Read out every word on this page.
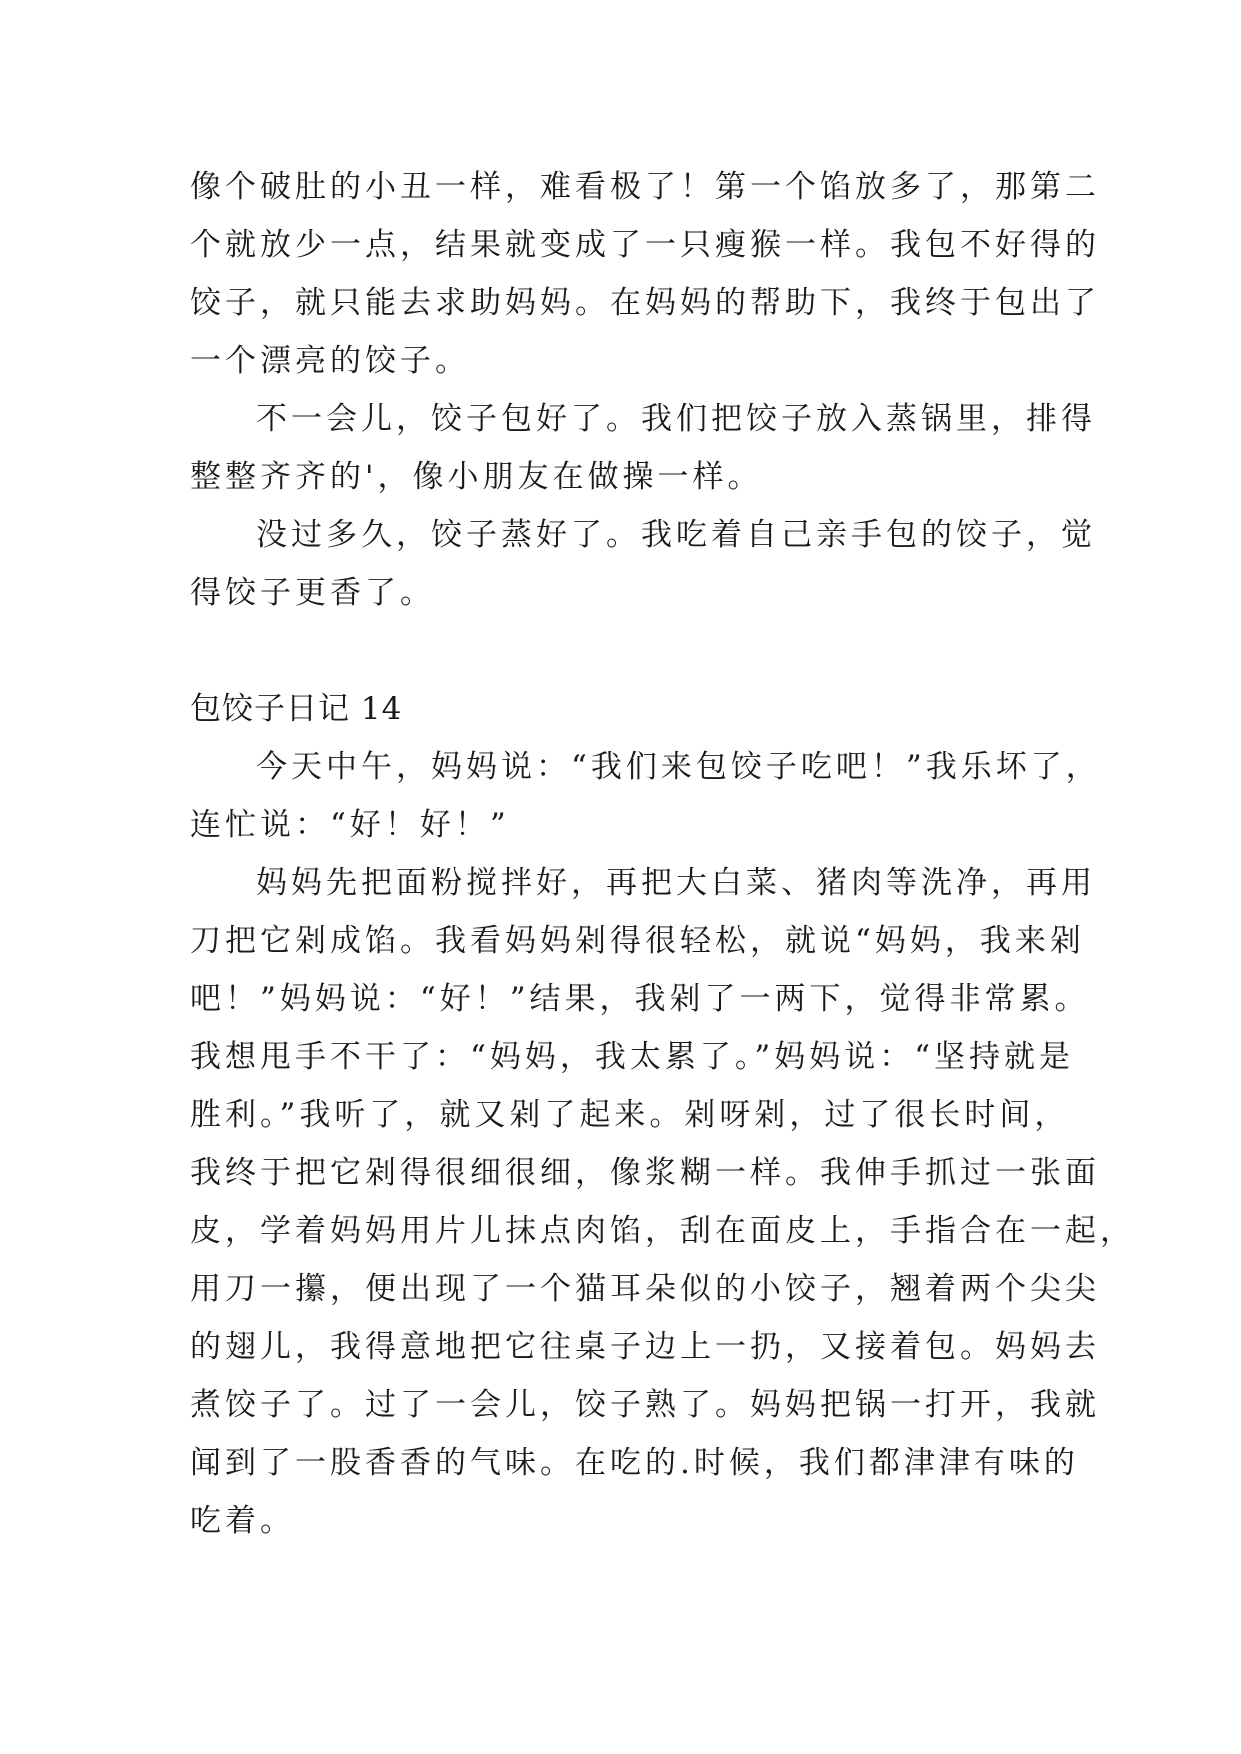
像个破肚的小丑一样，难看极了！第一个馅放多了，那第二
个就放少一点，结果就变成了一只瘦猴一样。我包不好得的
饺子，就只能去求助妈妈。在妈妈的帮助下，我终于包出了
一个漂亮的饺子。
不一会儿，饺子包好了。我们把饺子放入蒸锅里，排得
整整齐齐的'，像小朋友在做操一样。
没过多久，饺子蒸好了。我吃着自己亲手包的饺子，觉
得饺子更香了。
包饺子日记 14
今天中午，妈妈说：“我们来包饺子吃吧！”我乐坏了，
连忙说：“好！好！”
妈妈先把面粉搅拌好，再把大白菜、猪肉等洗净，再用
刀把它剁成馅。我看妈妈剁得很轻松，就说“妈妈，我来剁
吧！”妈妈说：“好！”结果，我剁了一两下，觉得非常累。
我想甩手不干了：“妈妈，我太累了。”妈妈说：“坚持就是
胜利。”我听了，就又剁了起来。剁呀剁，过了很长时间，
我终于把它剁得很细很细，像浆糊一样。我伸手抓过一张面
皮，学着妈妈用片儿抹点肉馅，刮在面皮上，手指合在一起，
用刀一攥，便出现了一个猫耳朵似的小饺子，翘着两个尖尖
的翅儿，我得意地把它往桌子边上一扔，又接着包。妈妈去
煮饺子了。过了一会儿，饺子熟了。妈妈把锅一打开，我就
闻到了一股香香的气味。在吃的.时候，我们都津津有味的
吃着。
